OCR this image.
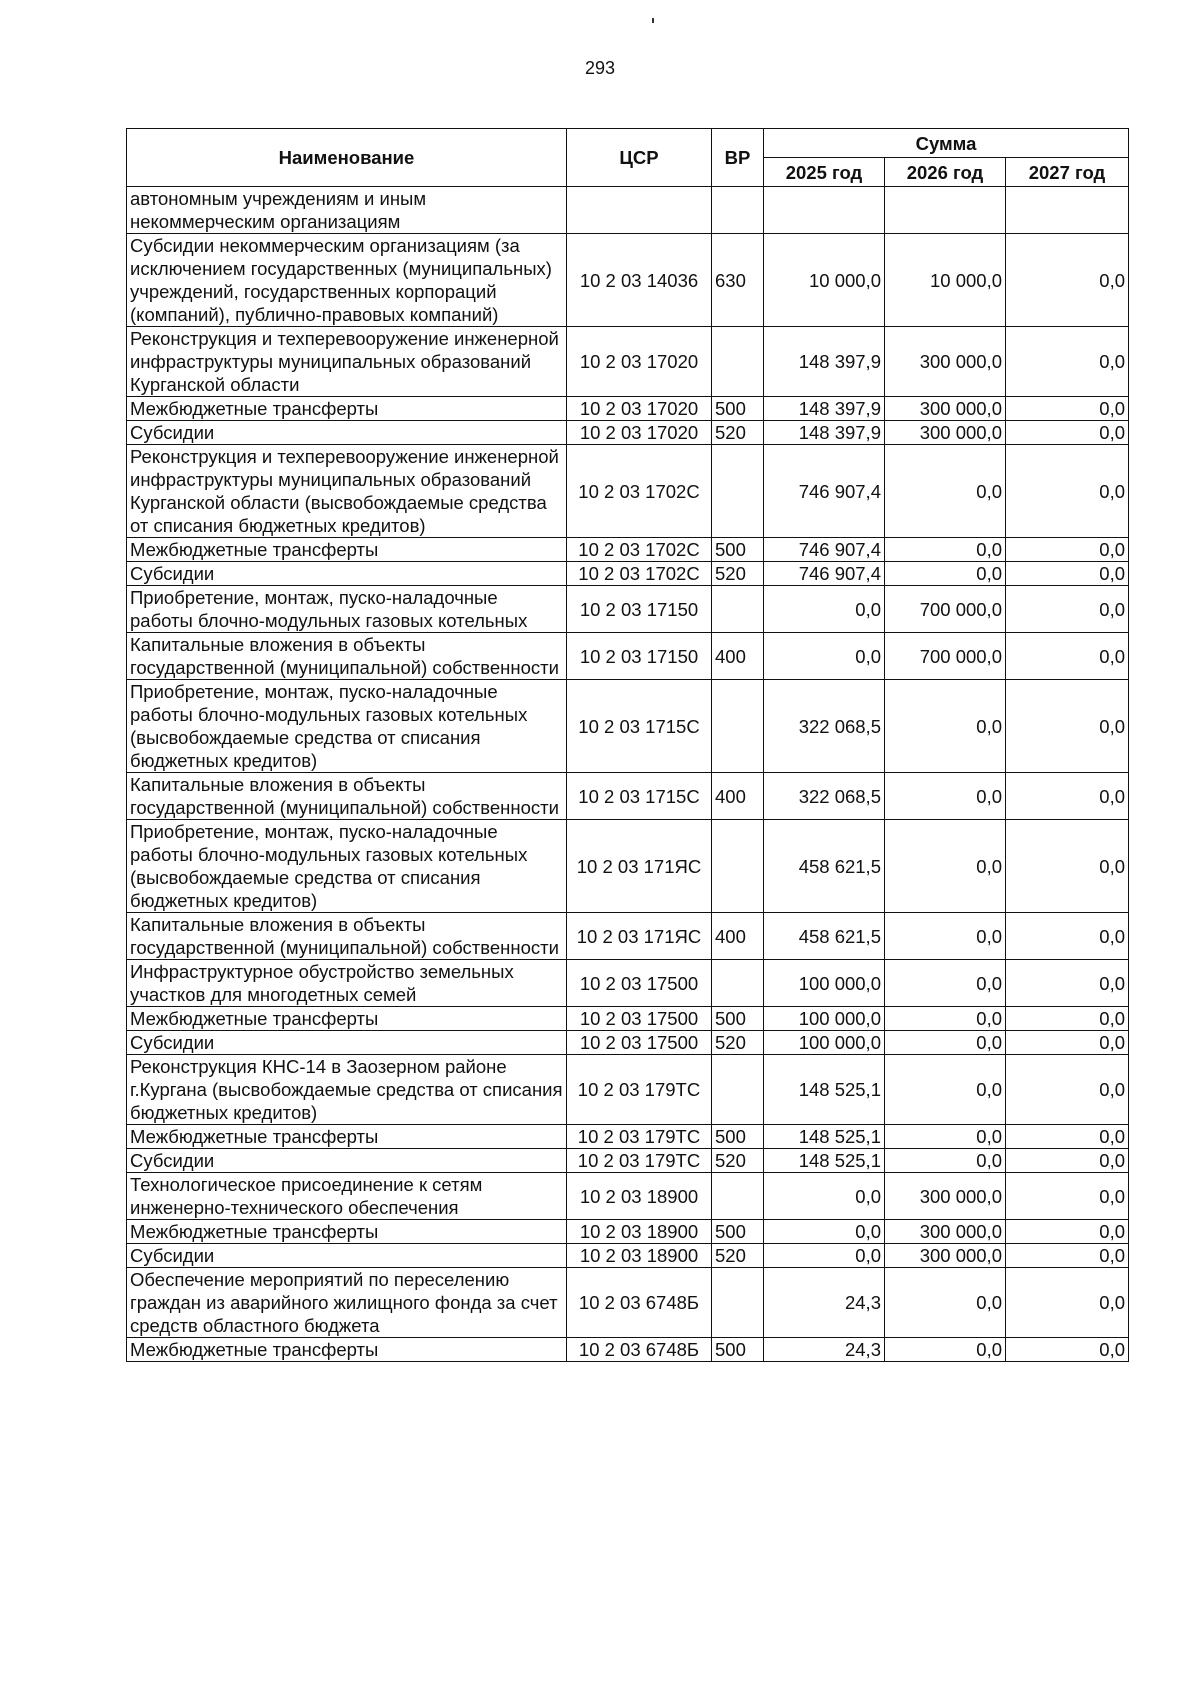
293
Наименование	ЦСР	ВР	Сумма		
			2025 год	2026 год	2027 год
автономным учреждениям и иным некоммерческим организациям					
Субсидии некоммерческим организациям (за исключением государственных (муниципальных) учреждений, государственных корпораций (компаний), публично-правовых компаний)	10 2 03 14036	630	10 000,0	10 000,0	0,0
Реконструкция и техперевооружение инженерной инфраструктуры муниципальных образований Курганской области	10 2 03 17020		148 397,9	300 000,0	0,0
Межбюджетные трансферты	10 2 03 17020	500	148 397,9	300 000,0	0,0
Субсидии	10 2 03 17020	520	148 397,9	300 000,0	0,0
Реконструкция и техперевооружение инженерной инфраструктуры муниципальных образований Курганской области (высвобождаемые средства от списания бюджетных кредитов)	10 2 03 1702С		746 907,4	0,0	0,0
Межбюджетные трансферты	10 2 03 1702С	500	746 907,4	0,0	0,0
Субсидии	10 2 03 1702С	520	746 907,4	0,0	0,0
Приобретение, монтаж, пуско-наладочные работы блочно-модульных газовых котельных	10 2 03 17150		0,0	700 000,0	0,0
Капитальные вложения в объекты государственной (муниципальной) собственности	10 2 03 17150	400	0,0	700 000,0	0,0
Приобретение, монтаж, пуско-наладочные работы блочно-модульных газовых котельных (высвобождаемые средства от списания бюджетных кредитов)	10 2 03 1715С		322 068,5	0,0	0,0
Капитальные вложения в объекты государственной (муниципальной) собственности	10 2 03 1715С	400	322 068,5	0,0	0,0
Приобретение, монтаж, пуско-наладочные работы блочно-модульных газовых котельных (высвобождаемые средства от списания бюджетных кредитов)	10 2 03 171ЯС		458 621,5	0,0	0,0
Капитальные вложения в объекты государственной (муниципальной) собственности	10 2 03 171ЯС	400	458 621,5	0,0	0,0
Инфраструктурное обустройство земельных участков для многодетных семей	10 2 03 17500		100 000,0	0,0	0,0
Межбюджетные трансферты	10 2 03 17500	500	100 000,0	0,0	0,0
Субсидии	10 2 03 17500	520	100 000,0	0,0	0,0
Реконструкция КНС-14 в Заозерном районе г.Кургана (высвобождаемые средства от списания бюджетных кредитов)	10 2 03 179ТС		148 525,1	0,0	0,0
Межбюджетные трансферты	10 2 03 179ТС	500	148 525,1	0,0	0,0
Субсидии	10 2 03 179ТС	520	148 525,1	0,0	0,0
Технологическое присоединение к сетям инженерно-технического обеспечения	10 2 03 18900		0,0	300 000,0	0,0
Межбюджетные трансферты	10 2 03 18900	500	0,0	300 000,0	0,0
Субсидии	10 2 03 18900	520	0,0	300 000,0	0,0
Обеспечение мероприятий по переселению граждан из аварийного жилищного фонда за счет средств областного бюджета	10 2 03 6748Б		24,3	0,0	0,0
Межбюджетные трансферты	10 2 03 6748Б	500	24,3	0,0	0,0
